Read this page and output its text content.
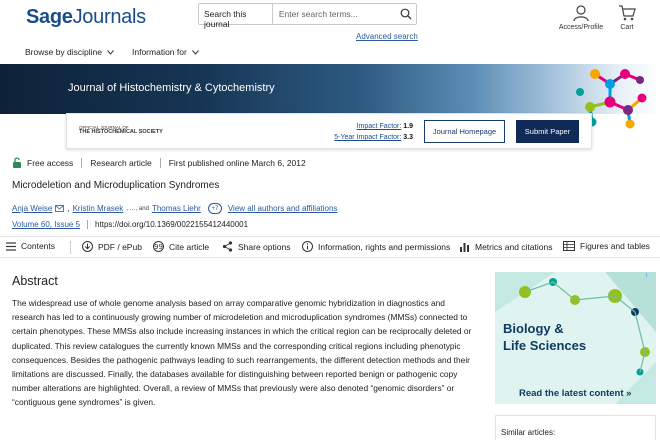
SageJournals	Search this journal
Enter search terms...
Advanced search
Access/Profile	Cart
Browse by discipline	Information for
Journal of Histochemistry & Cytochemistry
OFFICIAL JOURNAL OF
THE HISTOCHEMICAL SOCIETY
Impact Factor: 1.9
5-Year Impact Factor: 3.3
Journal Homepage	Submit Paper
Free access Research article First published online March 6, 2012
Microdeletion and Microduplication Syndromes
Anja Weise , Kristin Mrasek , …, and Thomas Liehr	+7	View all authors and affiliations
Volume 60, Issue 5 https://doi.org/10.1369/0022155412440001
Contents	PDF / ePub 99 Cite article	Share options	Information, rights and permissions	Metrics and citations	Figures and tables
Abstract
The widespread use of whole genome analysis based on array comparative genomic hybridization in diagnostics and research has led to a continuously growing number of microdeletion and microduplication syndromes (MMSs) connected to certain phenotypes. These MMSs also include increasing instances in which the critical region can be reciprocally deleted or duplicated. This review catalogues the currently known MMSs and the corresponding critical regions including phenotypic consequences. Besides the pathogenic pathways leading to such rearrangements, the different detection methods and their limitations are discussed. Finally, the databases available for distinguishing between reported benign or pathogenic copy number alterations are highlighted. Overall, a review of MMSs that previously were also denoted “genomic disorders” or “contiguous gene syndromes” is given.
i
Biology &
Life Sciences
Read the latest content »
Similar articles:
